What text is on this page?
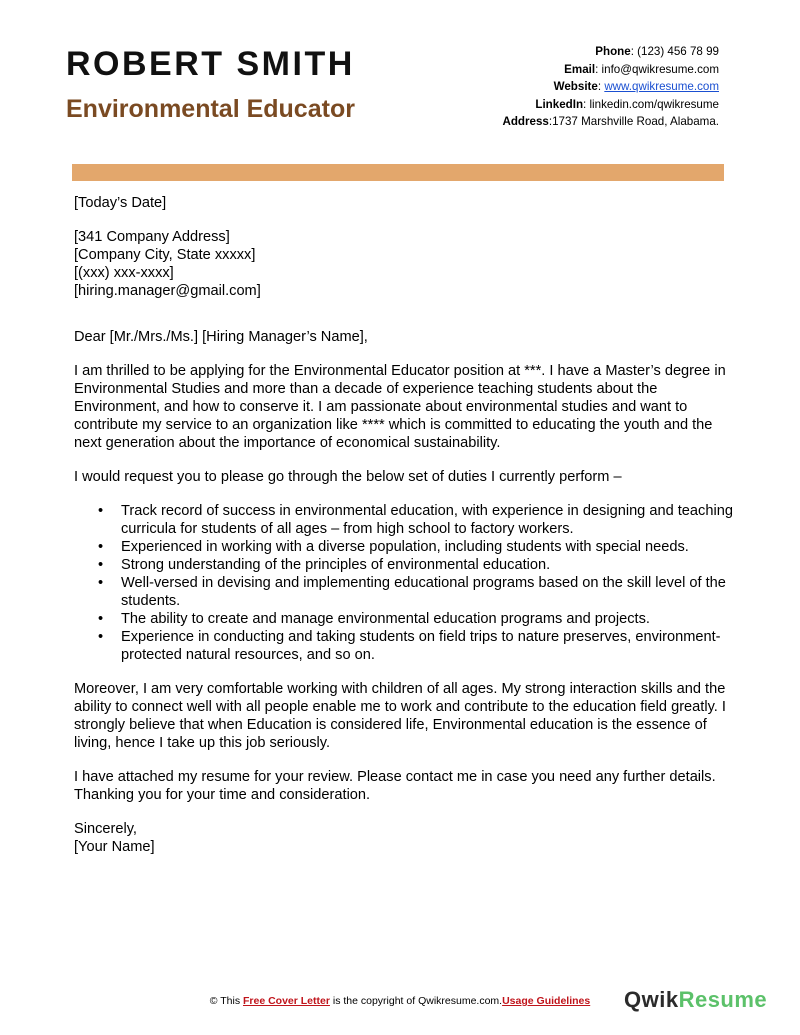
ROBERT SMITH
Environmental Educator
Phone: (123) 456 78 99
Email: info@qwikresume.com
Website: www.qwikresume.com
LinkedIn: linkedin.com/qwikresume
Address:1737 Marshville Road, Alabama.

[Today’s Date]

[341 Company Address]

[Company City, State xxxxx]

[(xxx) xxx-xxxx]

[hiring.manager@gmail.com]

Dear [Mr./Mrs./Ms.] [Hiring Manager’s Name],

I am thrilled to be applying for the Environmental Educator position at ***. I have a Master’s degree in Environmental Studies and more than a decade of experience teaching students about the Environment, and how to conserve it. I am passionate about environmental studies and want to contribute my service to an organization like **** which is committed to educating the youth and the next generation about the importance of economical sustainability.

I would request you to please go through the below set of duties I currently perform –

• Track record of success in environmental education, with experience in designing and teaching curricula for students of all ages – from high school to factory workers.
• Experienced in working with a diverse population, including students with special needs.
• Strong understanding of the principles of environmental education.
• Well-versed in devising and implementing educational programs based on the skill level of the students.
• The ability to create and manage environmental education programs and projects.
• Experience in conducting and taking students on field trips to nature preserves, environment-protected natural resources, and so on.

Moreover, I am very comfortable working with children of all ages. My strong interaction skills and the ability to connect well with all people enable me to work and contribute to the education field greatly. I strongly believe that when Education is considered life, Environmental education is the essence of living, hence I take up this job seriously.

I have attached my resume for your review. Please contact me in case you need any further details. Thanking you for your time and consideration.

Sincerely,

[Your Name]

© This Free Cover Letter is the copyright of Qwikresume.com.Usage Guidelines	QwikResume
